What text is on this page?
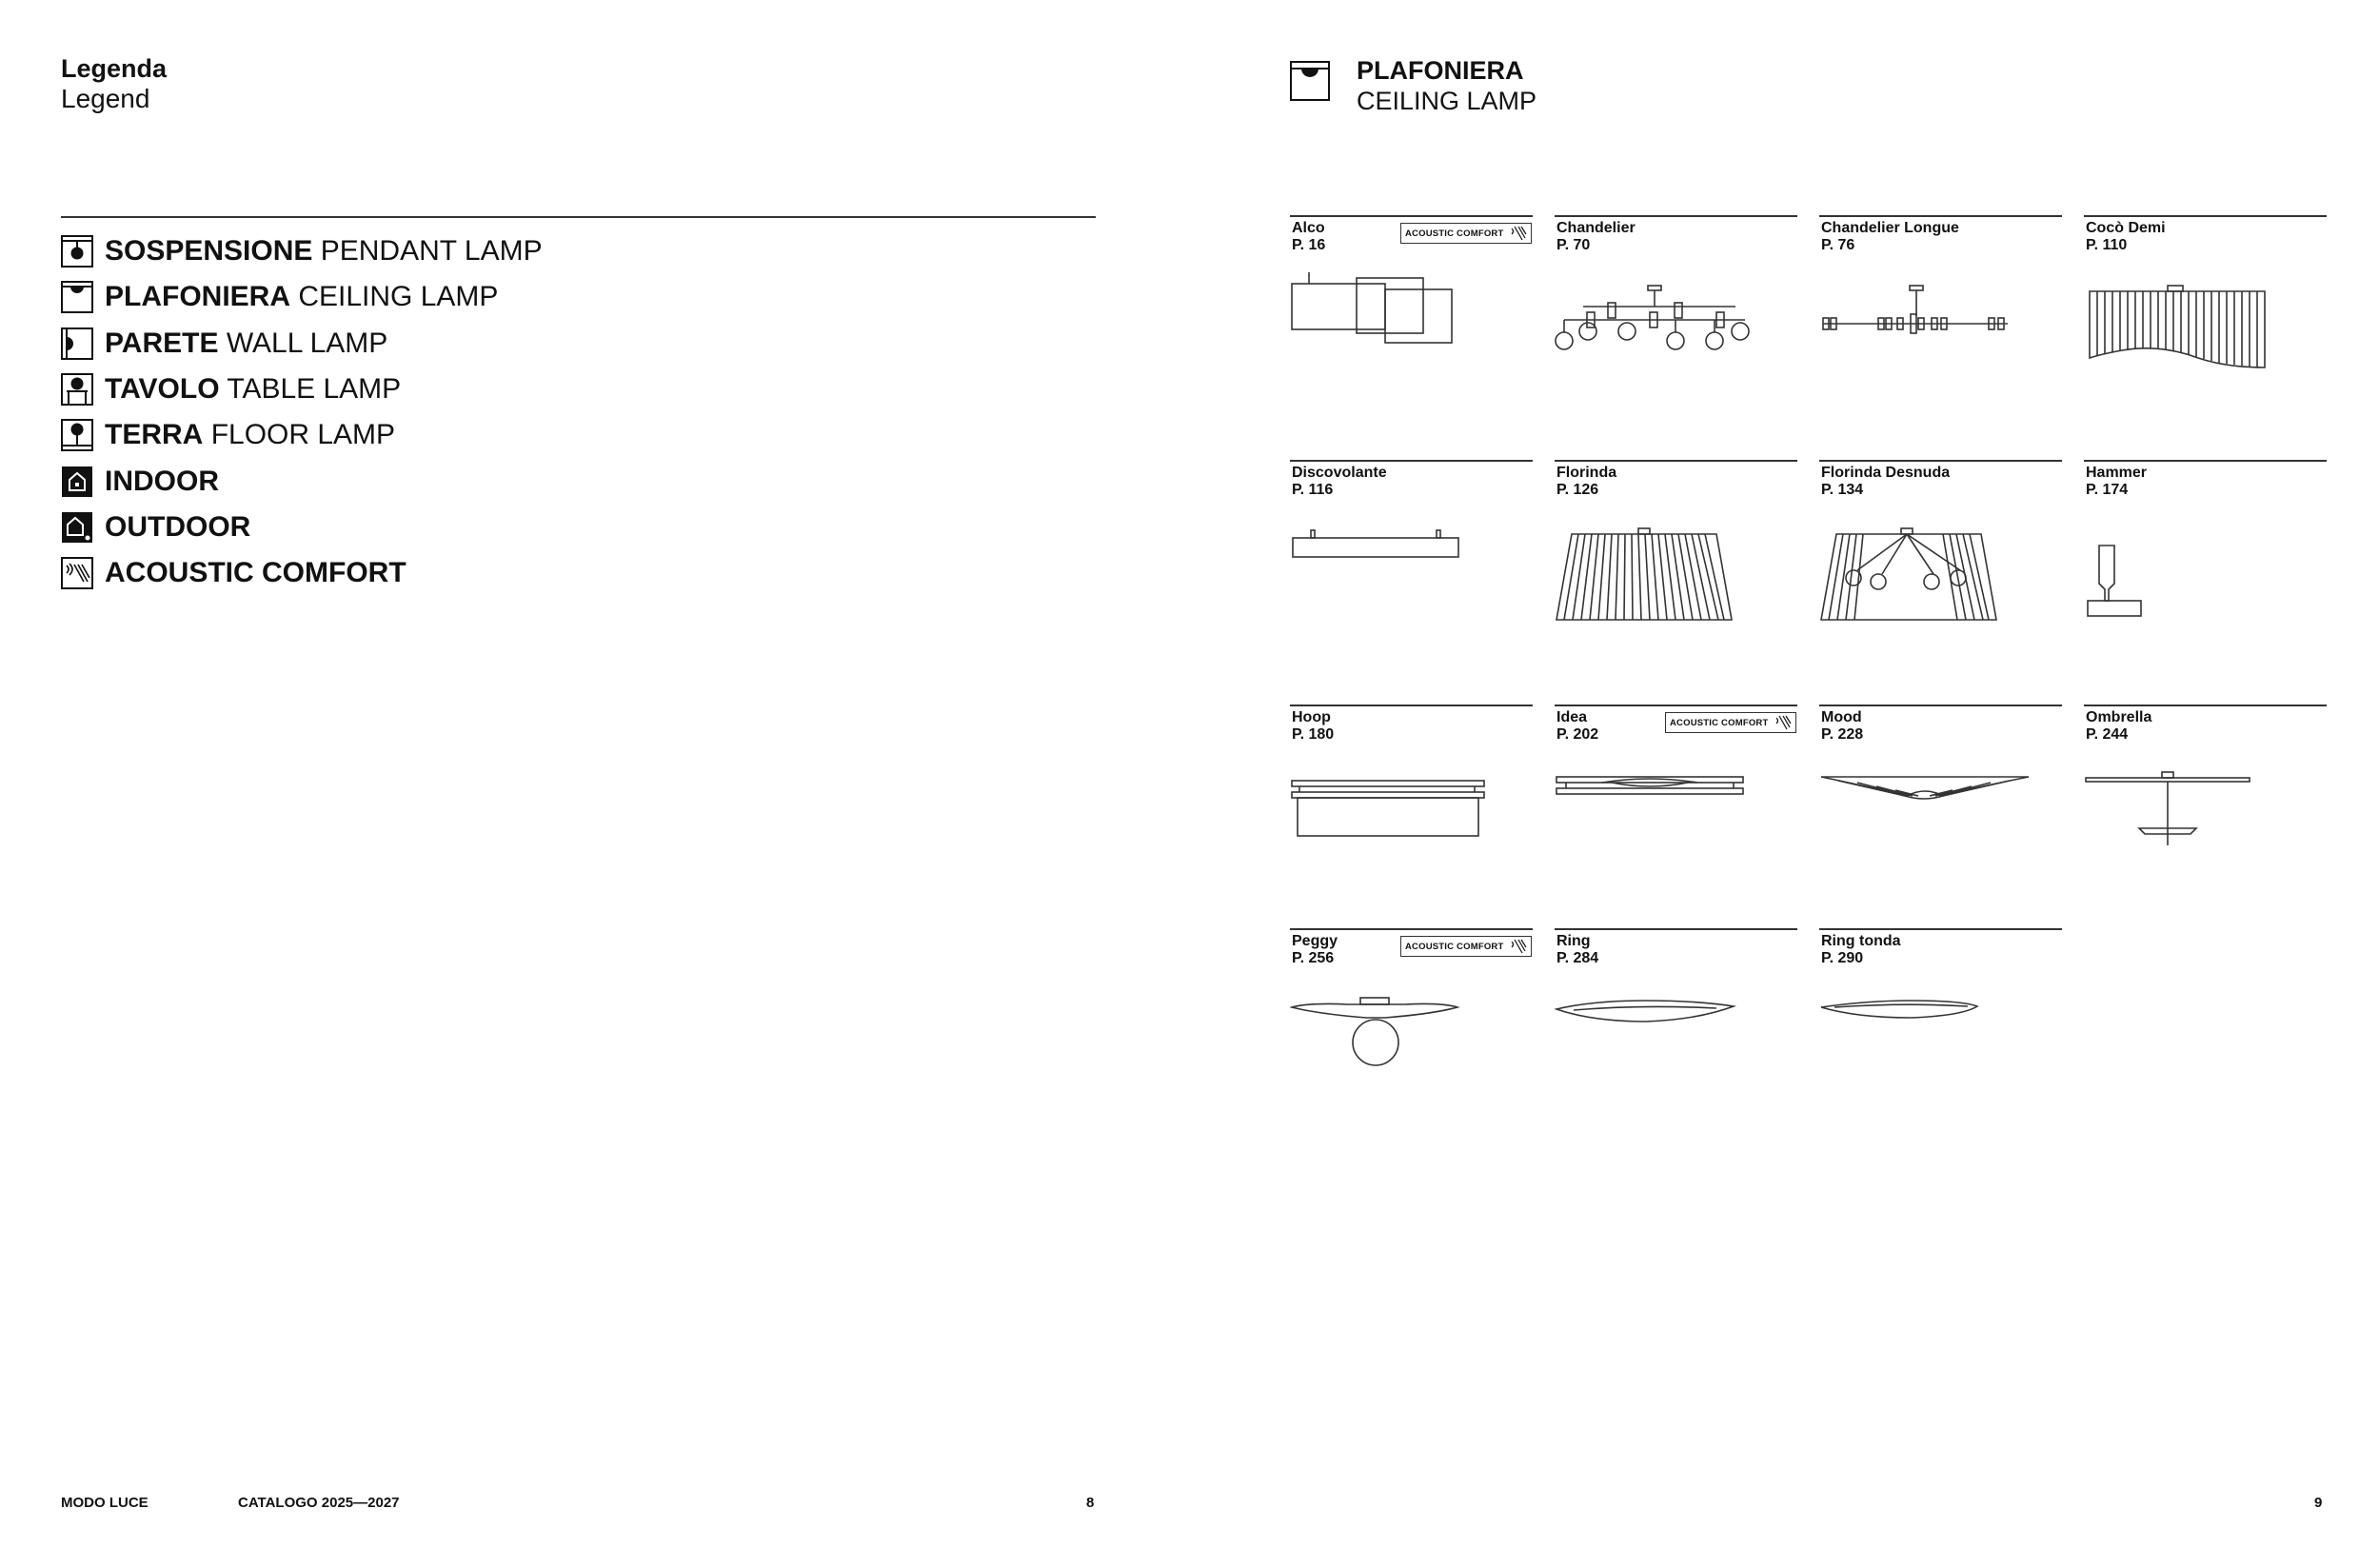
Legenda
Legend
SOSPENSIONE PENDANT LAMP
PLAFONIERA CEILING LAMP
PARETE WALL LAMP
TAVOLO TABLE LAMP
TERRA FLOOR LAMP
INDOOR
OUTDOOR
ACOUSTIC COMFORT
PLAFONIERA
CEILING LAMP
Alco
P. 16
ACOUSTIC COMFORT	Chandelier
P. 70
Chandelier Longue
P. 76
Cocò Demi
P. 110
Discovolante
P. 116
Florinda
P. 126
Florinda Desnuda
P. 134
Hammer
P. 174
Hoop
P. 180
Idea
P. 202
ACOUSTIC COMFORT	Mood
P. 228
Ombrella
P. 244
Peggy
P. 256
ACOUSTIC COMFORT	Ring
P. 284
Ring tonda
P. 290
MODO LUCE	CATALOGO 2025—2027	8	9
